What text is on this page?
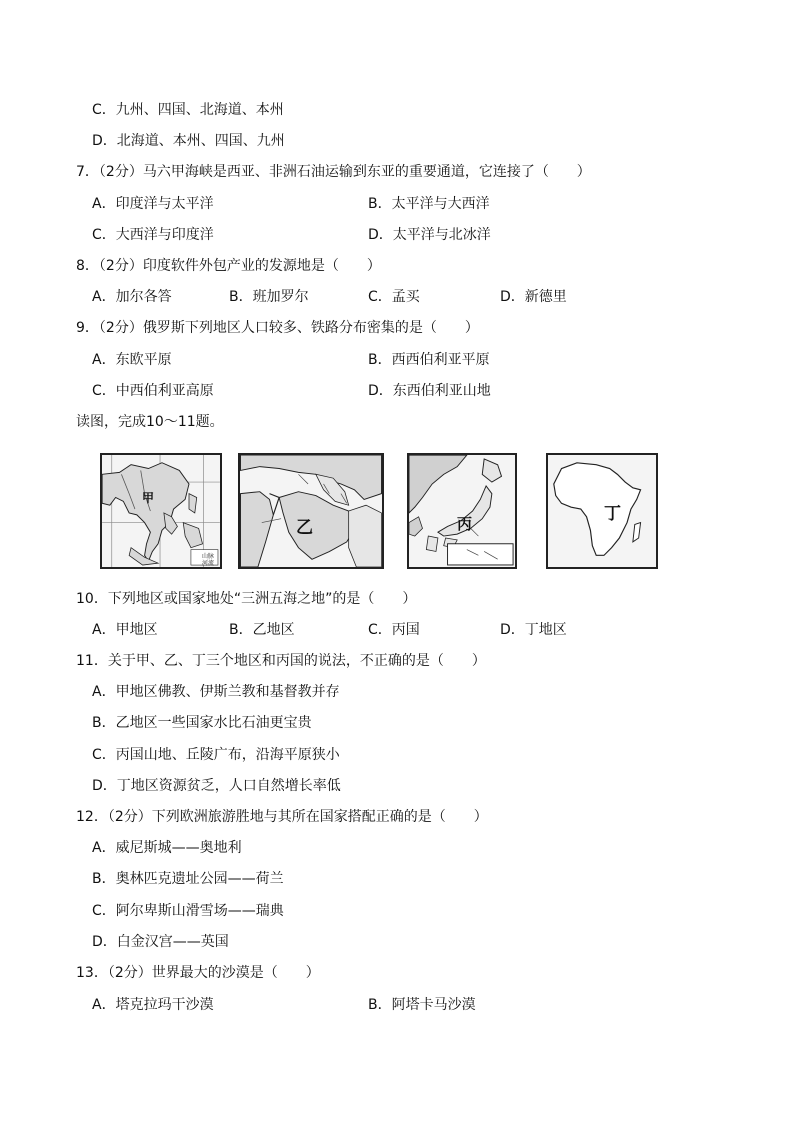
C．九州、四国、北海道、本州
D．北海道、本州、四国、九州
7．（2分）马六甲海峡是西亚、非洲石油运输到东亚的重要通道，它连接了（　　）
A．印度洋与太平洋	B．太平洋与大西洋
C．大西洋与印度洋	D．太平洋与北冰洋
8．（2分）印度软件外包产业的发源地是（　　）
A．加尔各答	B．班加罗尔	C．孟买	D．新德里
9．（2分）俄罗斯下列地区人口较多、铁路分布密集的是（　　）
A．东欧平原	B．西西伯利亚平原
C．中西伯利亚高原	D．东西伯利亚山地
读图，完成10～11题。
甲
山脉
河流
乙	丙	丁
10．下列地区或国家地处“三洲五海之地”的是（　　）
A．甲地区	B．乙地区	C．丙国	D．丁地区
11．关于甲、乙、丁三个地区和丙国的说法，不正确的是（　　）
A．甲地区佛教、伊斯兰教和基督教并存
B．乙地区一些国家水比石油更宝贵
C．丙国山地、丘陵广布，沿海平原狭小
D．丁地区资源贫乏，人口自然增长率低
12．（2分）下列欧洲旅游胜地与其所在国家搭配正确的是（　　）
A．威尼斯城——奥地利
B．奥林匹克遗址公园——荷兰
C．阿尔卑斯山滑雪场——瑞典
D．白金汉宫——英国
13．（2分）世界最大的沙漠是（　　）
A．塔克拉玛干沙漠	B．阿塔卡马沙漠
